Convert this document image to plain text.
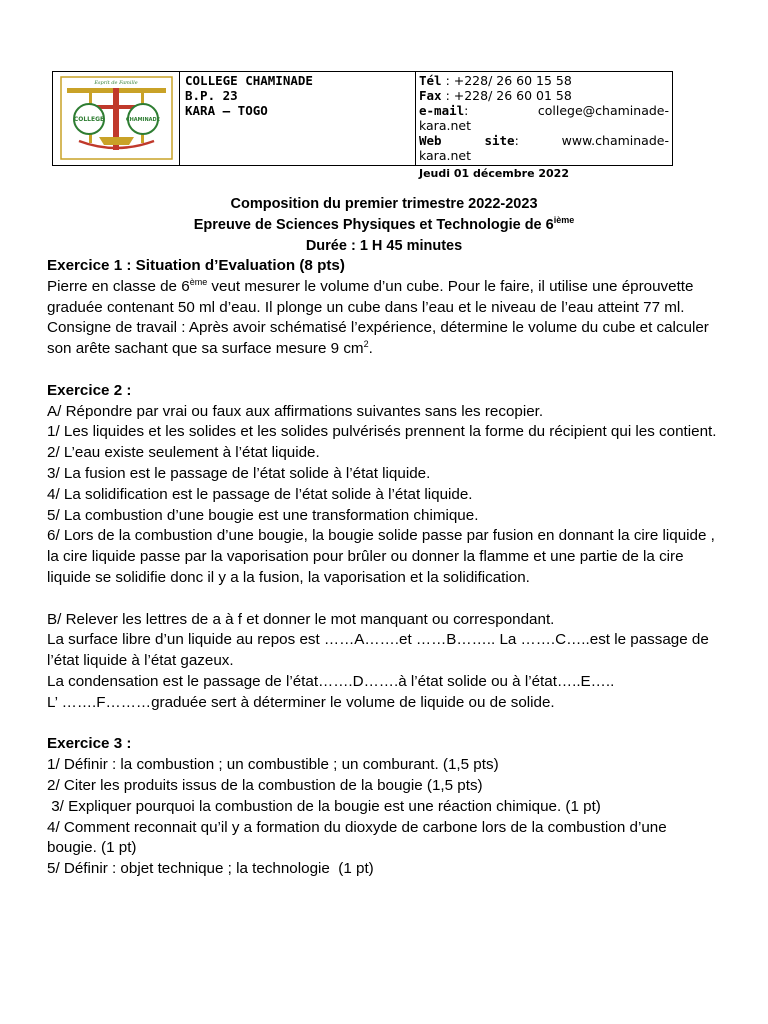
Esprit de Famille
COLLEGE	CHAMINADE
COLLEGE CHAMINADE
B.P. 23
KARA – TOGO
Tél : +228/ 26 60 15 58
Fax : +228/ 26 60 01 58
e-mail:	college@chaminade-
kara.net
Web	site:	www.chaminade-
kara.net
Jeudi 01 décembre 2022
Composition du premier trimestre 2022-2023
Epreuve de Sciences Physiques et Technologie de 6ième
Durée : 1 H 45 minutes

Exercice 1 : Situation d’Evaluation (8 pts)

Pierre en classe de 6ème veut mesurer le volume d’un cube. Pour le faire, il utilise une éprouvette graduée contenant 50 ml d’eau. Il plonge un cube dans l’eau et le niveau de l’eau atteint 77 ml.

Consigne de travail : Après avoir schématisé l’expérience, détermine le volume du cube et calculer son arête sachant que sa surface mesure 9 $cm^2$.

Exercice 2 :

A/ Répondre par vrai ou faux aux affirmations suivantes sans les recopier.

1/ Les liquides et les solides et les solides pulvérisés prennent la forme du récipient qui les contient.

2/ L’eau existe seulement à l’état liquide.

3/ La fusion est le passage de l’état solide à l’état liquide.

4/ La solidification est le passage de l’état solide à l’état liquide.

5/ La combustion d’une bougie est une transformation chimique.

6/ Lors de la combustion d’une bougie, la bougie solide passe par fusion en donnant la cire liquide , la cire liquide passe par la vaporisation pour brûler ou donner la flamme et une partie de la cire liquide se solidifie donc il y a la fusion, la vaporisation et la solidification.

B/ Relever les lettres de a à f et donner le mot manquant ou correspondant.

La surface libre d’un liquide au repos est ……A…….et ……B…….. La …….C…..est le passage de l’état liquide à l’état gazeux.

La condensation est le passage de l’état…….D…….à l’état solide ou à l’état…..E…..

L’ …….F………graduée sert à déterminer le volume de liquide ou de solide.

Exercice 3 :

1/ Définir : la combustion ; un combustible ; un comburant. (1,5 pts)

2/ Citer les produits issus de la combustion de la bougie (1,5 pts)

3/ Expliquer pourquoi la combustion de la bougie est une réaction chimique. (1 pt)

4/ Comment reconnait qu’il y a formation du dioxyde de carbone lors de la combustion d’une bougie. (1 pt)

5/ Définir : objet technique ; la technologie  (1 pt)
